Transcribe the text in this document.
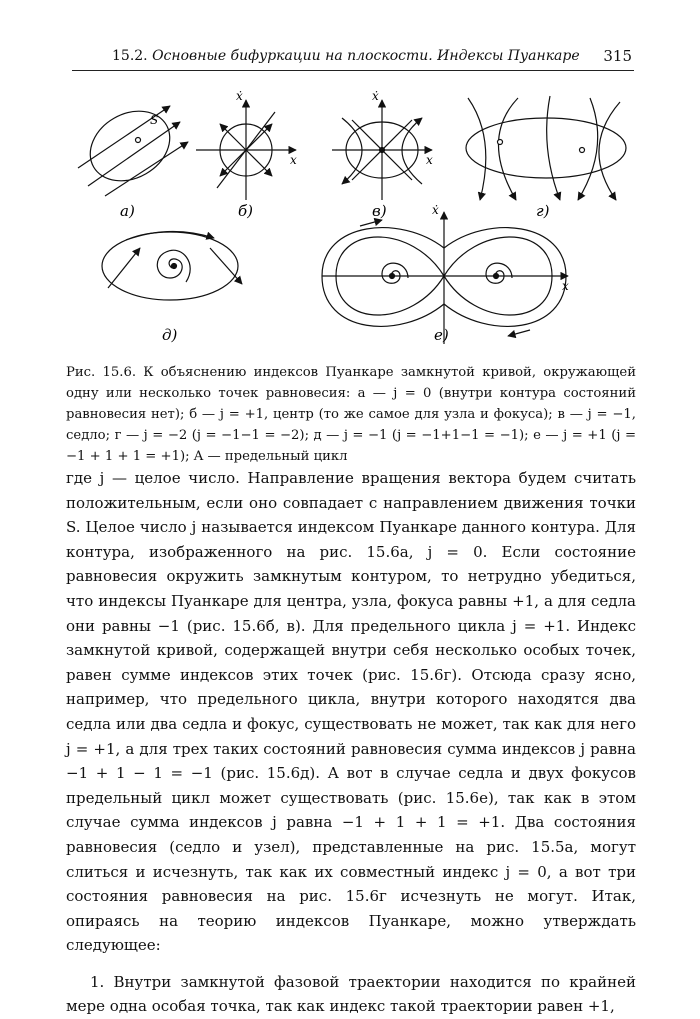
15.2. Основные бифуркации на плоскости. Индексы Пуанкаре 315
S
а)	б)	в)	г)
д)	е)
x
ẋ
x
ẋ
x
ẋ
Рис. 15.6. К объяснению индексов Пуанкаре замкнутой кривой, окружающей одну или несколько точек равновесия: а — j = 0 (внутри контура состояний равновесия нет); б — j = +1, центр (то же самое для узла и фокуса); в — j = −1, седло; г — j = −2 (j = −1−1 = −2); д — j = −1 (j = −1+1−1 = −1); е — j = +1 (j = −1 + 1 + 1 = +1); A — предельный цикл

где j — целое число. Направление вращения вектора будем считать положительным, если оно совпадает с направлением движения точки S. Целое число j называется индексом Пуанкаре данного контура. Для контура, изображенного на рис. 15.6а, j = 0. Если состояние равновесия окружить замкнутым контуром, то нетрудно убедиться, что индексы Пуанкаре для центра, узла, фокуса равны +1, а для седла они равны −1 (рис. 15.6б, в). Для предельного цикла j = +1. Индекс замкнутой кривой, содержащей внутри себя несколько особых точек, равен сумме индексов этих точек (рис. 15.6г). Отсюда сразу ясно, например, что предельного цикла, внутри которого находятся два седла или два седла и фокус, существовать не может, так как для него j = +1, а для трех таких состояний равновесия сумма индексов j равна −1 + 1 − 1 = −1 (рис. 15.6д). А вот в случае седла и двух фокусов предельный цикл может существовать (рис. 15.6е), так как в этом случае сумма индексов j равна −1 + 1 + 1 = +1. Два состояния равновесия (седло и узел), представленные на рис. 15.5а, могут слиться и исчезнуть, так как их совместный индекс j = 0, а вот три состояния равновесия на рис. 15.6г исчезнуть не могут. Итак, опираясь на теорию индексов Пуанкаре, можно утверждать следующее:

1. Внутри замкнутой фазовой траектории находится по крайней мере одна особая точка, так как индекс такой траектории равен +1,
